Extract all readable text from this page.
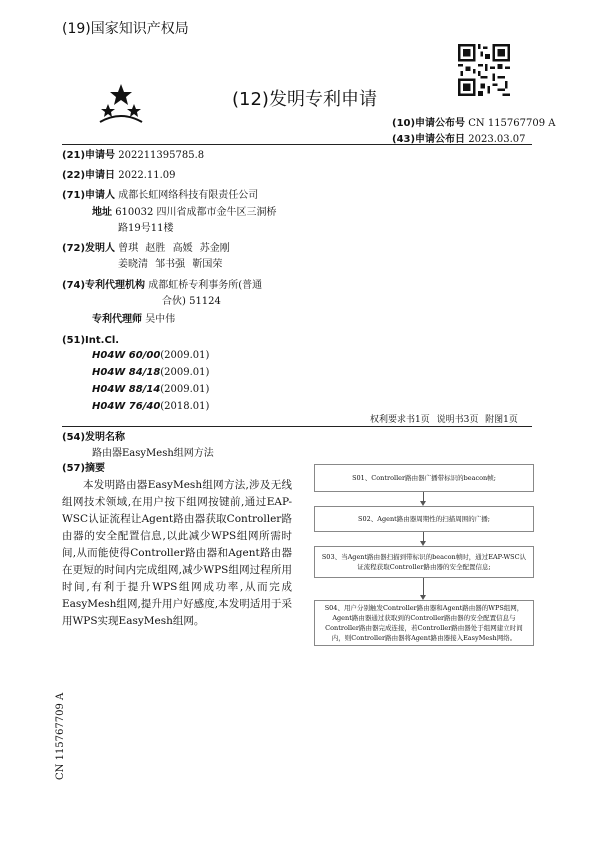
(19)国家知识产权局
(12)发明专利申请
(10)申请公布号 CN 115767709 A
(43)申请公布日 2023.03.07
(21)申请号 202211395785.8
(22)申请日 2022.11.09
(71)申请人 成都长虹网络科技有限责任公司
地址 610032 四川省成都市金牛区三洞桥
路19号11楼
(72)发明人 曾琪 赵胜 高媛 苏金刚
姜晓清 邹书强 靳国荣
(74)专利代理机构 成都虹桥专利事务所(普通
合伙) 51124
专利代理师 吴中伟
(51)Int.Cl.
H04W 60/00(2009.01)
H04W 84/18(2009.01)
H04W 88/14(2009.01)
H04W 76/40(2018.01)
权利要求书1页 说明书3页 附图1页
(54)发明名称
路由器EasyMesh组网方法
(57)摘要
本发明路由器EasyMesh组网方法,涉及无线组网技术领域,在用户按下组网按键前,通过EAP-WSC认证流程让Agent路由器获取Controller路由器的安全配置信息,以此减少WPS组网所需时间,从而能使得Controller路由器和Agent路由器在更短的时间内完成组网,减少WPS组网过程所用时间,有利于提升WPS组网成功率,从而完成EasyMesh组网,提升用户好感度,本发明适用于采用WPS实现EasyMesh组网。
S01、Controller路由器广播带标识的beacon帧;
S02、Agent路由器周期性的扫描周围的广播;
S03、当Agent路由器扫描到带标识的beacon帧时，通过EAP-WSC认证流程获取Controller路由器的安全配置信息;
S04、用户分别触发Controller路由器和Agent路由器的WPS组网，Agent路由器通过获取到的Controller路由器的安全配置信息与Controller路由器完成连接，若Controller路由器处于组网建立时间内，则Controller路由器将Agent路由器接入EasyMesh网络。
CN 115767709 A
